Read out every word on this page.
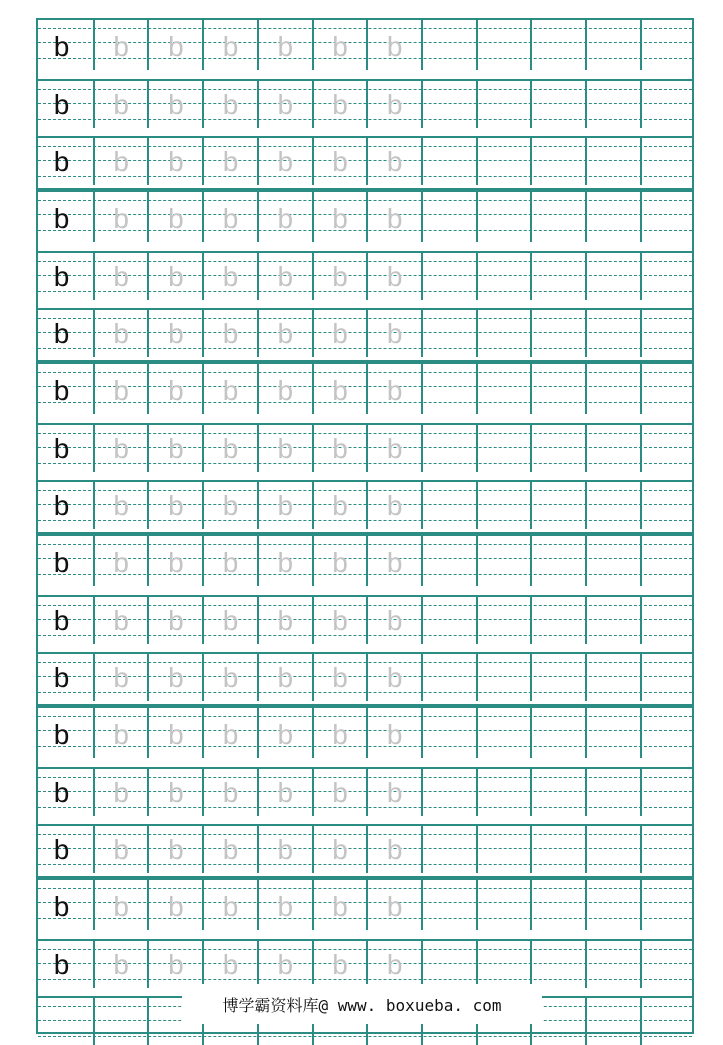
b	b	b	b	b	b	b
b	b	b	b	b	b	b
b	b	b	b	b	b	b
b	b	b	b	b	b	b
b	b	b	b	b	b	b
b	b	b	b	b	b	b
b	b	b	b	b	b	b
b	b	b	b	b	b	b
b	b	b	b	b	b	b
b	b	b	b	b	b	b
b	b	b	b	b	b	b
b	b	b	b	b	b	b
b	b	b	b	b	b	b
b	b	b	b	b	b	b
b	b	b	b	b	b	b
b	b	b	b	b	b	b
b	b	b	b	b	b	b
博学霸资料库@ www. boxueba. com
